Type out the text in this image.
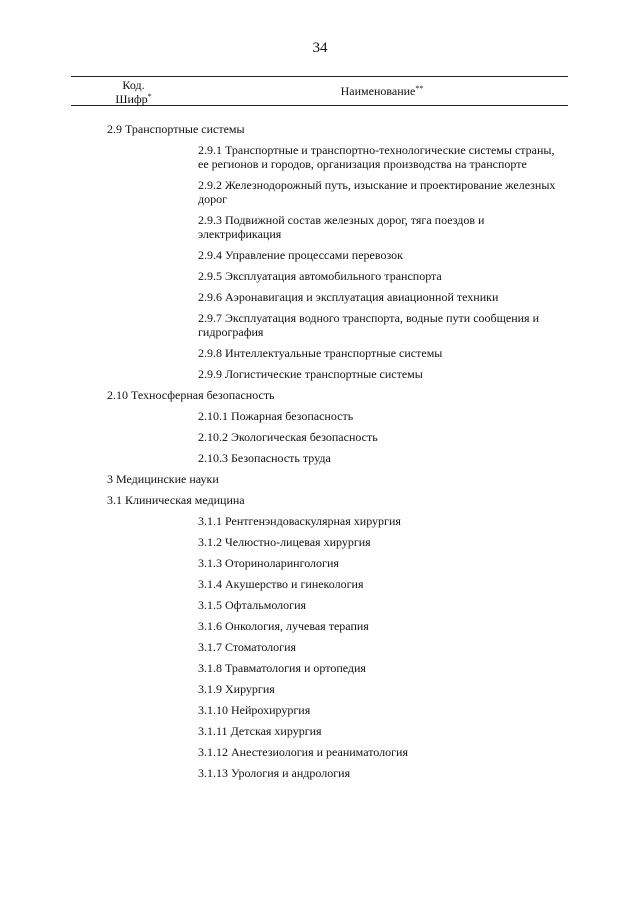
34
Код.
Шифр*	Наименование**
2.9 Транспортные системы
2.9.1 Транспортные и транспортно-технологические системы страны, ее регионов и городов, организация производства на транспорте
2.9.2 Железнодорожный путь, изыскание и проектирование железных дорог
2.9.3 Подвижной состав железных дорог, тяга поездов и электрификация
2.9.4 Управление процессами перевозок
2.9.5 Эксплуатация автомобильного транспорта
2.9.6 Аэронавигация и эксплуатация авиационной техники
2.9.7 Эксплуатация водного транспорта, водные пути сообщения и гидрография
2.9.8 Интеллектуальные транспортные системы
2.9.9 Логистические транспортные системы
2.10 Техносферная безопасность
2.10.1 Пожарная безопасность
2.10.2 Экологическая безопасность
2.10.3 Безопасность труда
3 Медицинские науки
3.1 Клиническая медицина
3.1.1 Рентгенэндоваскулярная хирургия
3.1.2 Челюстно-лицевая хирургия
3.1.3 Оториноларингология
3.1.4 Акушерство и гинекология
3.1.5 Офтальмология
3.1.6 Онкология, лучевая терапия
3.1.7 Стоматология
3.1.8 Травматология и ортопедия
3.1.9 Хирургия
3.1.10 Нейрохирургия
3.1.11 Детская хирургия
3.1.12 Анестезиология и реаниматология
3.1.13 Урология и андрология
